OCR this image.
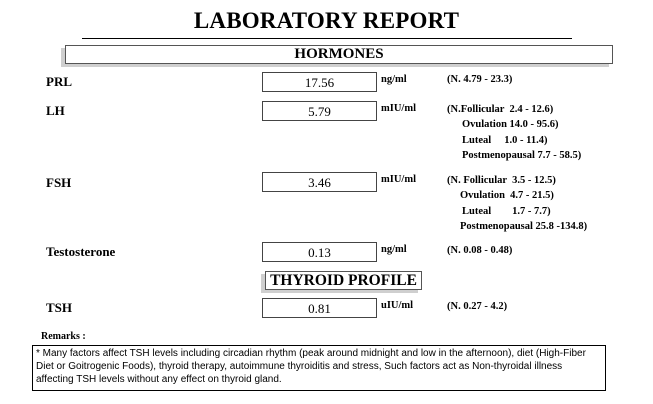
LABORATORY REPORT
HORMONES
PRL	17.56	ng/ml	(N. 4.79 - 23.3)
LH	5.79	mIU/ml	(N.Follicular  2.4 - 12.6)
Ovulation 14.0 - 95.6)
Luteal     1.0 - 11.4)
Postmenopausal 7.7 - 58.5)
FSH	3.46	mIU/ml	(N. Follicular  3.5 - 12.5)
Ovulation  4.7 - 21.5)
Luteal        1.7 - 7.7)
Postmenopausal 25.8 -134.8)
Testosterone	0.13	ng/ml	(N. 0.08 - 0.48)
THYROID PROFILE
TSH	0.81	uIU/ml	(N. 0.27 - 4.2)
Remarks :
* Many factors affect TSH levels including circadian rhythm (peak around midnight and low in the afternoon), diet (High-Fiber Diet or Goitrogenic Foods), thyroid therapy, autoimmune thyroiditis and stress, Such factors act as Non-thyroidal illness affecting TSH levels without any effect on thyroid gland.
